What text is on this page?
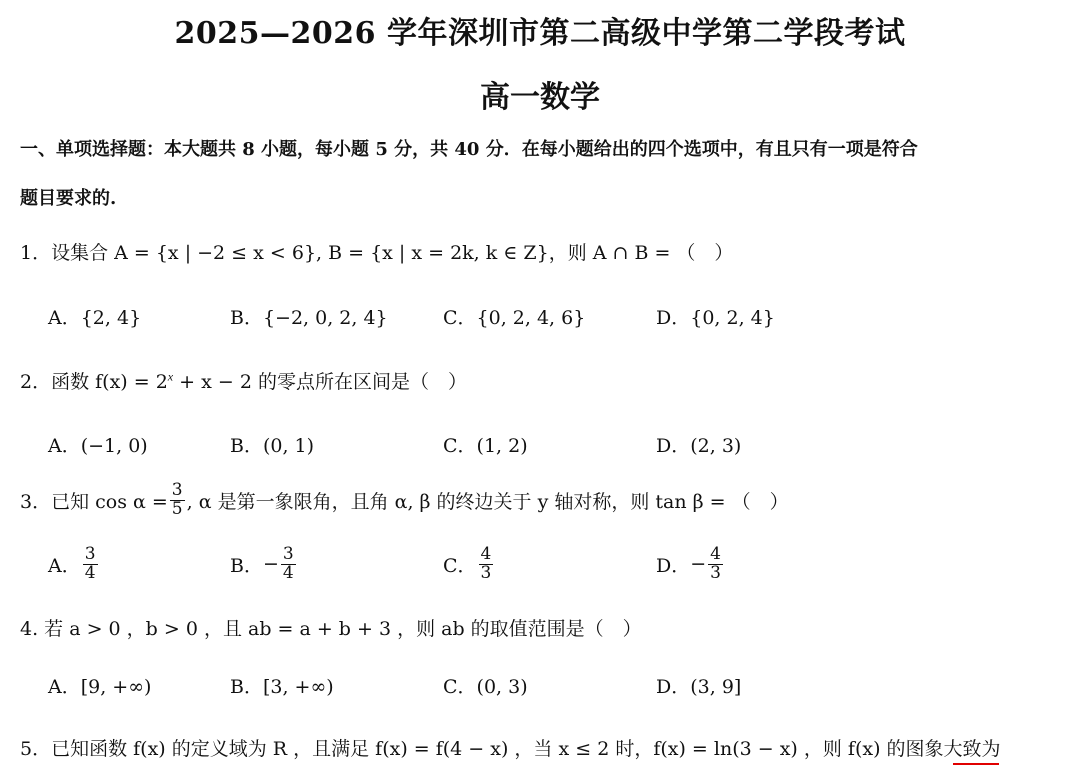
2025—2026 学年深圳市第二高级中学第二学段考试
高一数学
一、单项选择题：本大题共 8 小题，每小题 5 分，共 40 分．在每小题给出的四个选项中，有且只有一项是符合
题目要求的.
1．设集合 A = {x | −2 ≤ x < 6}, B = {x | x = 2k, k ∈ Z}，则 A ∩ B = （　）
A．{2, 4}	B．{−2, 0, 2, 4}	C．{0, 2, 4, 6}	D．{0, 2, 4}
2．函数 $f(x) = 2^x + x - 2$ 的零点所在区间是（　）
A．(−1, 0)	B．(0, 1)	C．(1, 2)	D．(2, 3)
3．已知 $\cos \alpha = \frac{3}{5}$ , α 是第一象限角，且角 α, β 的终边关于 y 轴对称，则 tan β = （　）
A． $\frac{3}{4}$	B． − $\frac{3}{4}$	C． $\frac{4}{3}$	D． − $\frac{4}{3}$
4. 若 a > 0 ，b > 0 ，且 ab = a + b + 3 ，则 ab 的取值范围是（　）
A．[9, +∞)	B．[3, +∞)	C．(0, 3)	D．(3, 9]
5．已知函数 f(x) 的定义域为 R ，且满足 f(x) = f(4 − x) ，当 x ≤ 2 时，f(x) = ln(3 − x) ，则 f(x) 的图象大致为
